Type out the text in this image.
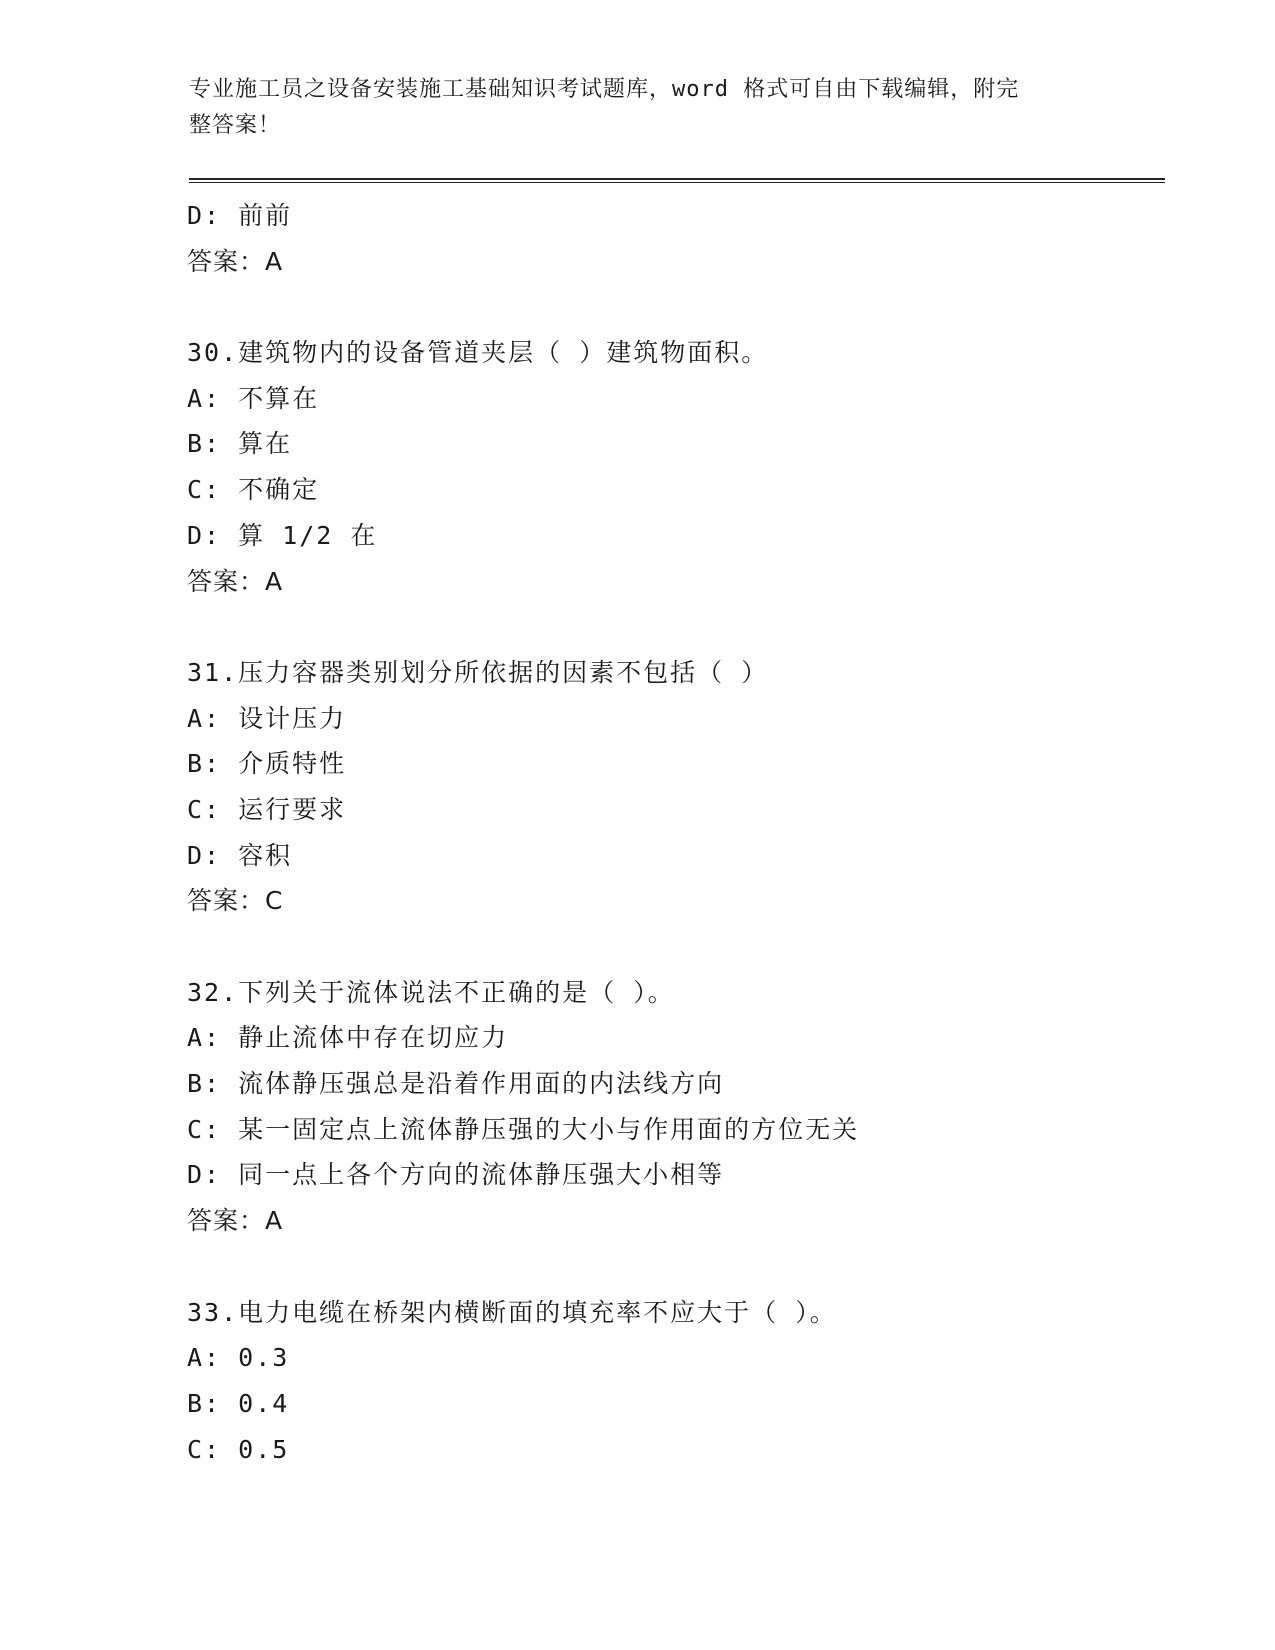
专业施工员之设备安装施工基础知识考试题库，word 格式可自由下载编辑，附完
整答案！
D: 前前
答案：A
30.建筑物内的设备管道夹层（ ）建筑物面积。
A: 不算在
B: 算在
C: 不确定
D: 算 1/2 在
答案：A
31.压力容器类别划分所依据的因素不包括（ ）
A: 设计压力
B: 介质特性
C: 运行要求
D: 容积
答案：C
32.下列关于流体说法不正确的是（ ）。
A: 静止流体中存在切应力
B: 流体静压强总是沿着作用面的内法线方向
C: 某一固定点上流体静压强的大小与作用面的方位无关
D: 同一点上各个方向的流体静压强大小相等
答案：A
33.电力电缆在桥架内横断面的填充率不应大于（ ）。
A: 0.3
B: 0.4
C: 0.5
